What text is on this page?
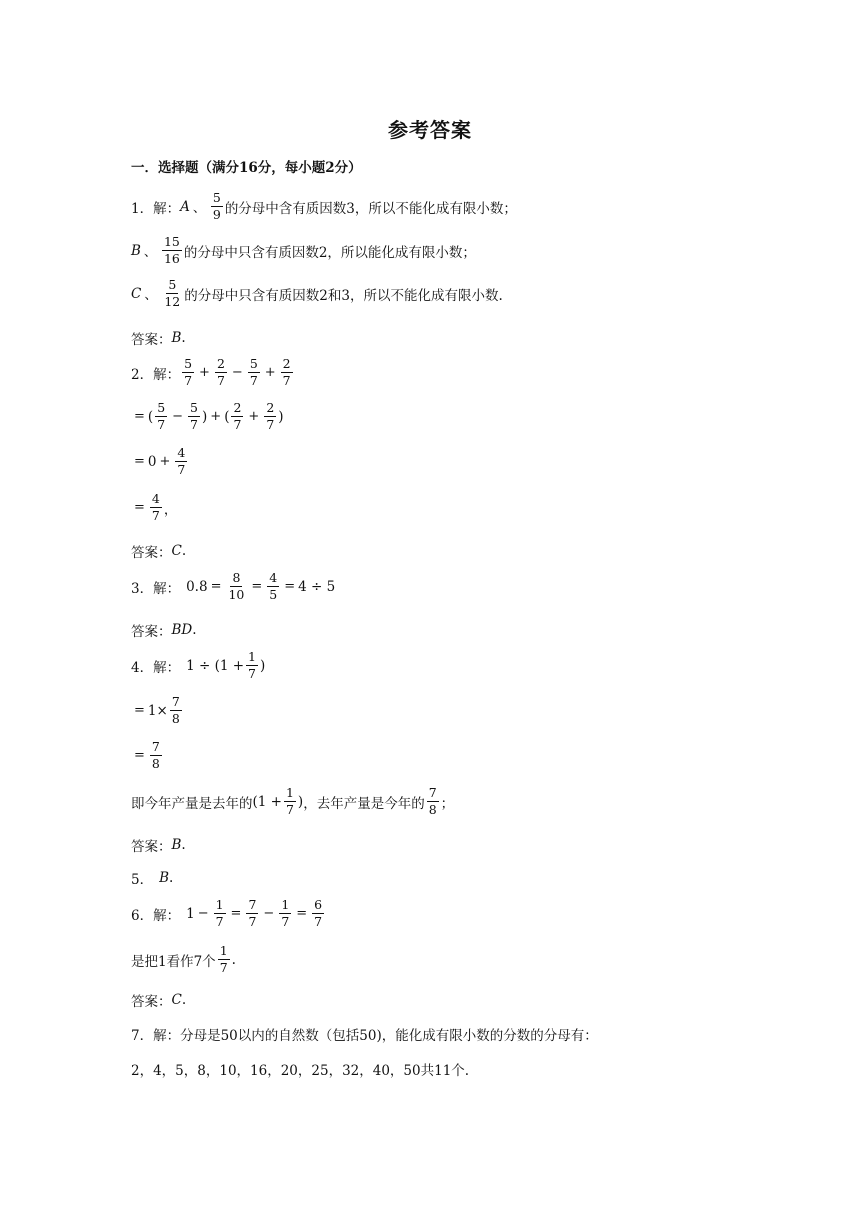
参考答案
一．选择题（满分16分，每小题2分）
1．解： A 、
5
9 的分母中含有质因数3，所以不能化成有限小数；
B 、
15
16 的分母中只含有质因数2，所以能化成有限小数；
C 、
5
12 的分母中只含有质因数2和3，所以不能化成有限小数.
答案： B .
2．解：
5
7
+ $\frac{2}{7} - \frac{5}{7} + \frac{2}{7}$
= (
5
7
− $\frac{5}{7}$ ) + (
2
7
+ $\frac{2}{7}$ )
= $0 + \frac{4}{7}$
= $\frac{4}{7}$ ，
答案： C .
3．解： $0.8 = \frac{8}{10} = \frac{4}{5} = 4 \div 5$
答案： BD .
4．解： $1 \div (1 + \frac{1}{7}$ )
= $1\times \frac{7}{8}$
= $\frac{7}{8}$
即今年产量是去年的 ($1 + \frac{1}{7}$ ) ，去年产量是今年的
7
8 ；
答案： B .
5． B .
6．解： $1 - \frac{1}{7} = \frac{7}{7} - \frac{1}{7} = \frac{6}{7}$
是把1看作7个
1
7 .
答案： C .
7．解： 分母是50以内的自然数（包括50)，能化成有限小数的分数的分母有：
2，4，5，8，10，16，20，25，32，40，50共11个.
